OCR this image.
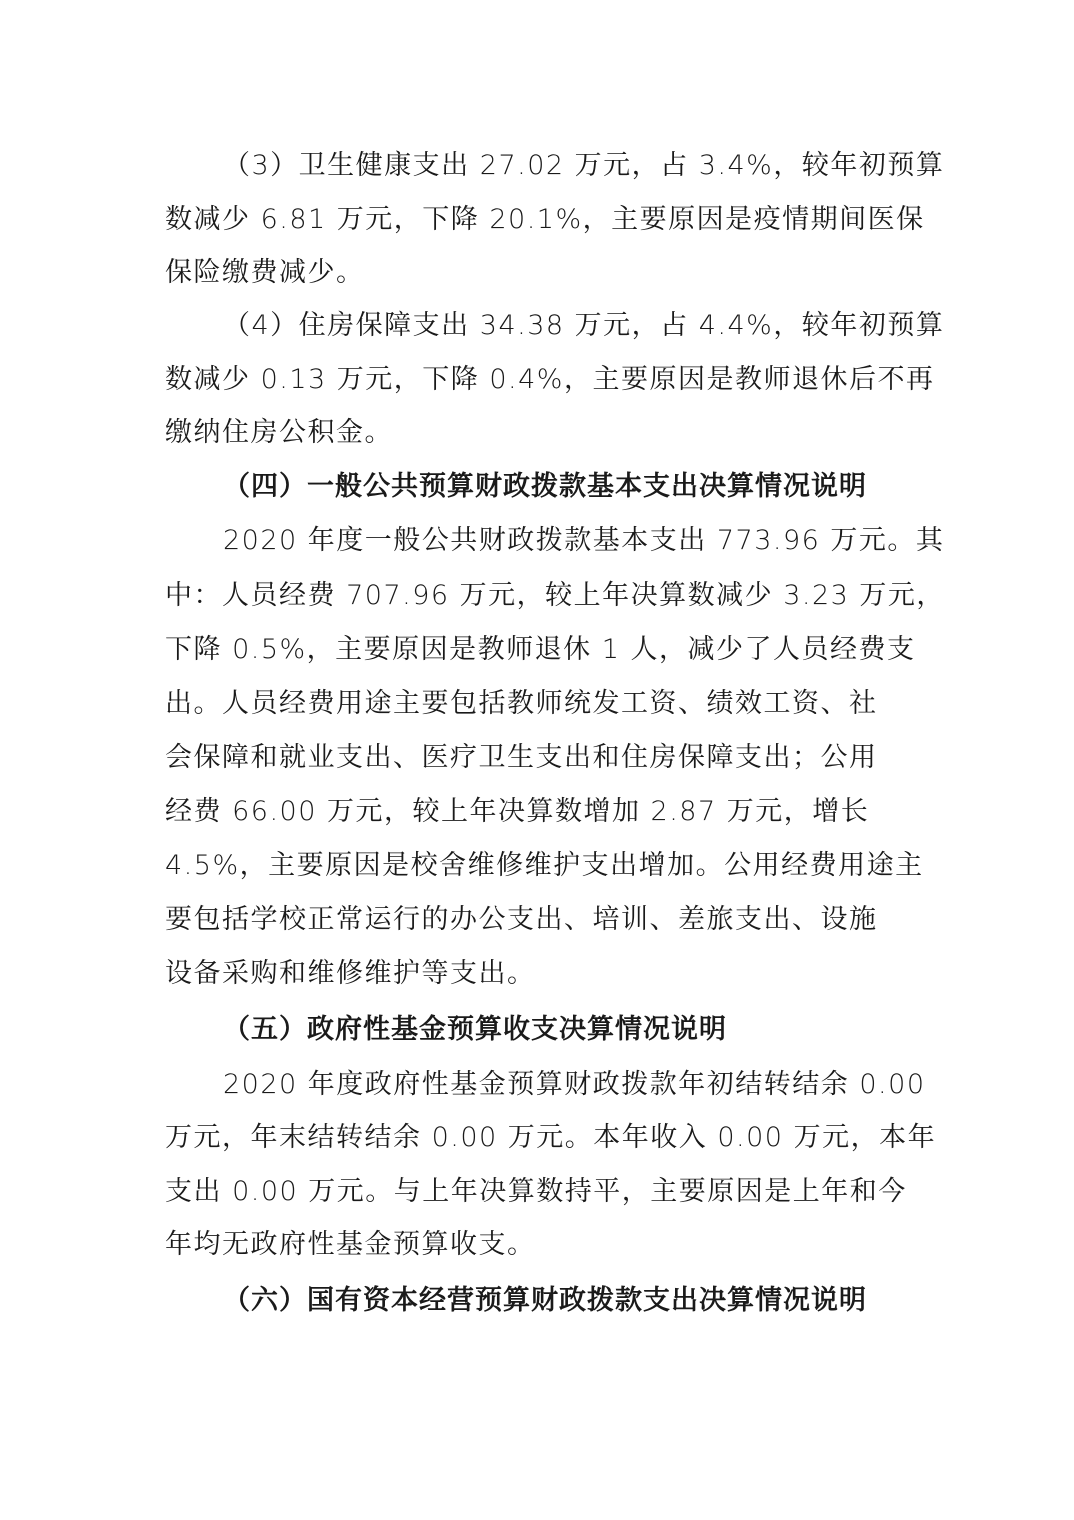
（3）卫生健康支出 27.02 万元，占 3.4%，较年初预算
数减少 6.81 万元，下降 20.1%，主要原因是疫情期间医保
保险缴费减少。
（4）住房保障支出 34.38 万元，占 4.4%，较年初预算
数减少 0.13 万元，下降 0.4%，主要原因是教师退休后不再
缴纳住房公积金。
（四）一般公共预算财政拨款基本支出决算情况说明
2020 年度一般公共财政拨款基本支出 773.96 万元。其
中：人员经费 707.96 万元，较上年决算数减少 3.23 万元，
下降 0.5%，主要原因是教师退休 1 人，减少了人员经费支
出。人员经费用途主要包括教师统发工资、绩效工资、社
会保障和就业支出、医疗卫生支出和住房保障支出；公用
经费 66.00 万元，较上年决算数增加 2.87 万元，增长
4.5%，主要原因是校舍维修维护支出增加。公用经费用途主
要包括学校正常运行的办公支出、培训、差旅支出、设施
设备采购和维修维护等支出。
（五）政府性基金预算收支决算情况说明
2020 年度政府性基金预算财政拨款年初结转结余 0.00
万元，年末结转结余 0.00 万元。本年收入 0.00 万元，本年
支出 0.00 万元。与上年决算数持平，主要原因是上年和今
年均无政府性基金预算收支。
（六）国有资本经营预算财政拨款支出决算情况说明
